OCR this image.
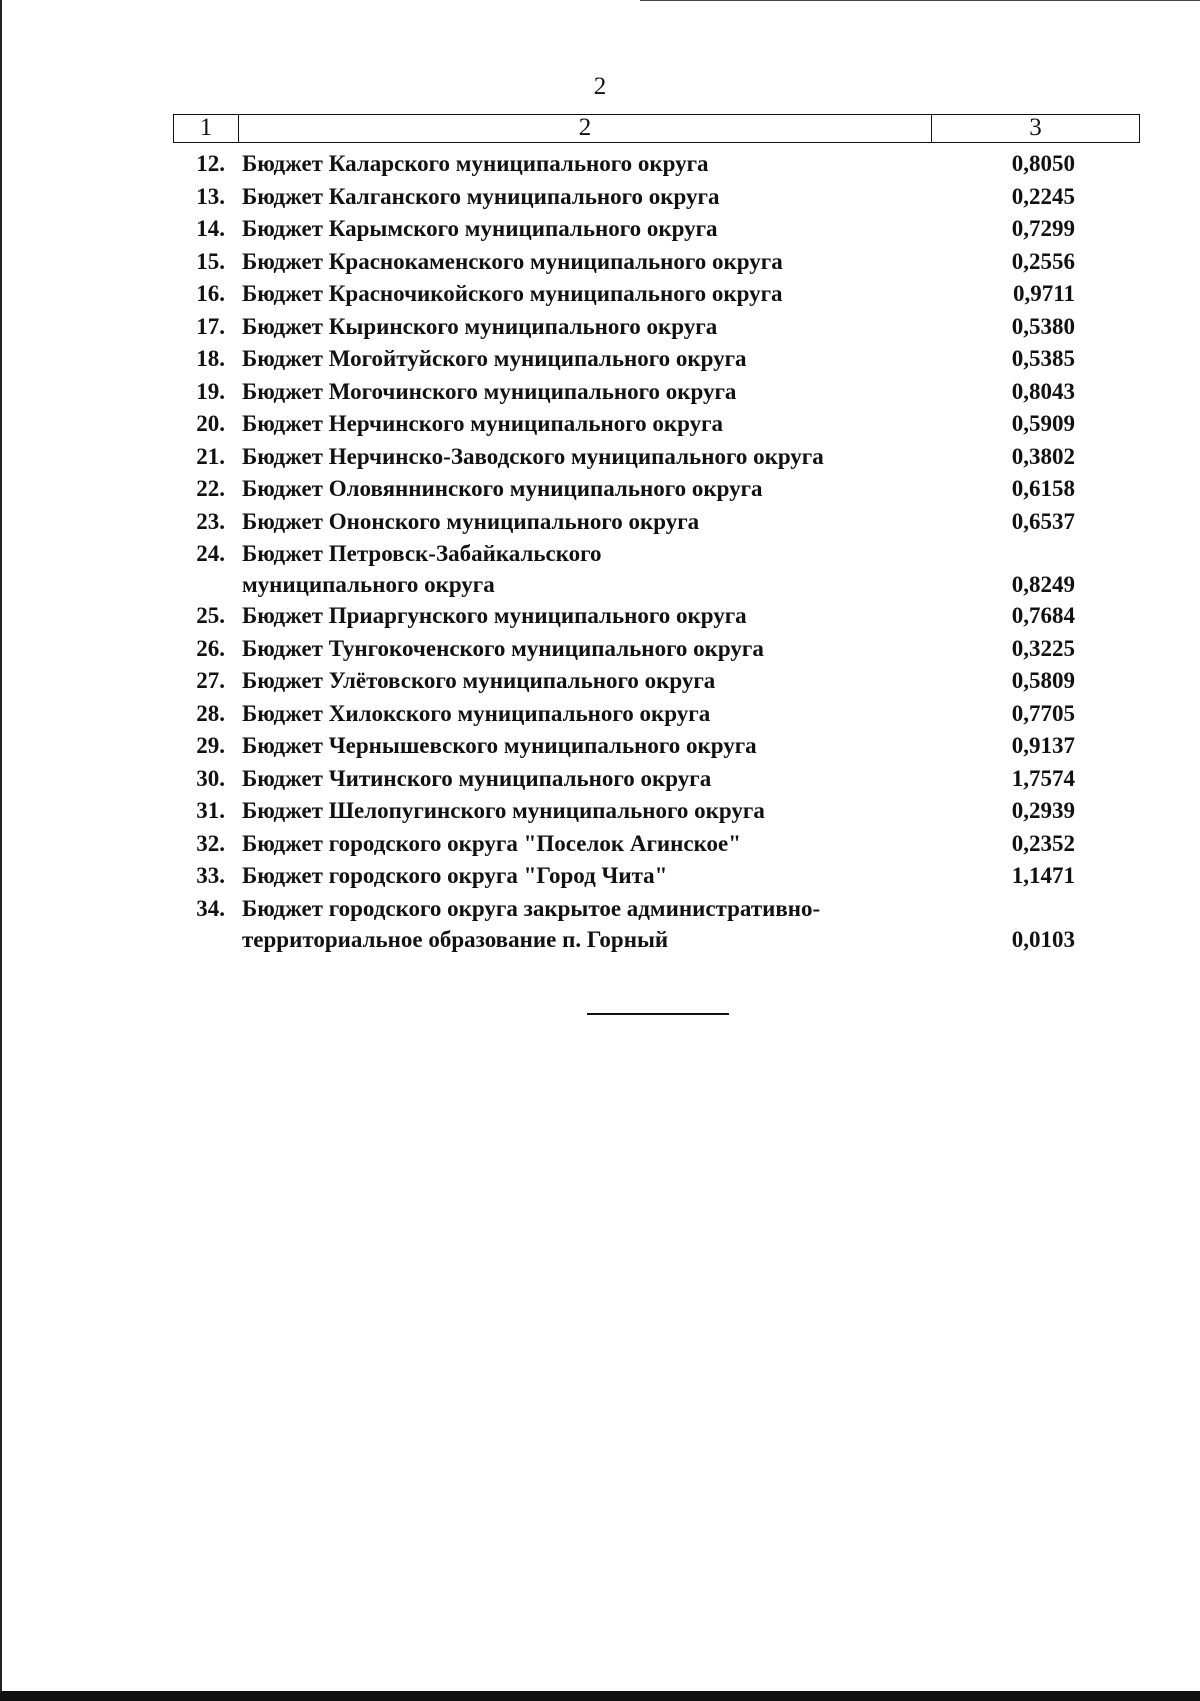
2
1	2	3
12. Бюджет Каларского муниципального округа	0,8050
13. Бюджет Калганского муниципального округа	0,2245
14. Бюджет Карымского муниципального округа	0,7299
15. Бюджет Краснокаменского муниципального округа	0,2556
16. Бюджет Красночикойского муниципального округа	0,9711
17. Бюджет Кыринского муниципального округа	0,5380
18. Бюджет Могойтуйского муниципального округа	0,5385
19. Бюджет Могочинского муниципального округа	0,8043
20. Бюджет Нерчинского муниципального округа	0,5909
21. Бюджет Нерчинско-Заводского муниципального округа	0,3802
22. Бюджет Оловяннинского муниципального округа	0,6158
23. Бюджет Ононского муниципального округа	0,6537
24. Бюджет Петровск-Забайкальского
муниципального округа	0,8249
25. Бюджет Приаргунского муниципального округа	0,7684
26. Бюджет Тунгокоченского муниципального округа	0,3225
27. Бюджет Улётовского муниципального округа	0,5809
28. Бюджет Хилокского муниципального округа	0,7705
29. Бюджет Чернышевского муниципального округа	0,9137
30. Бюджет Читинского муниципального округа	1,7574
31. Бюджет Шелопугинского муниципального округа	0,2939
32. Бюджет городского округа "Поселок Агинское"	0,2352
33. Бюджет городского округа "Город Чита"	1,1471
34. Бюджет городского округа закрытое административно-
территориальное образование п. Горный	0,0103
